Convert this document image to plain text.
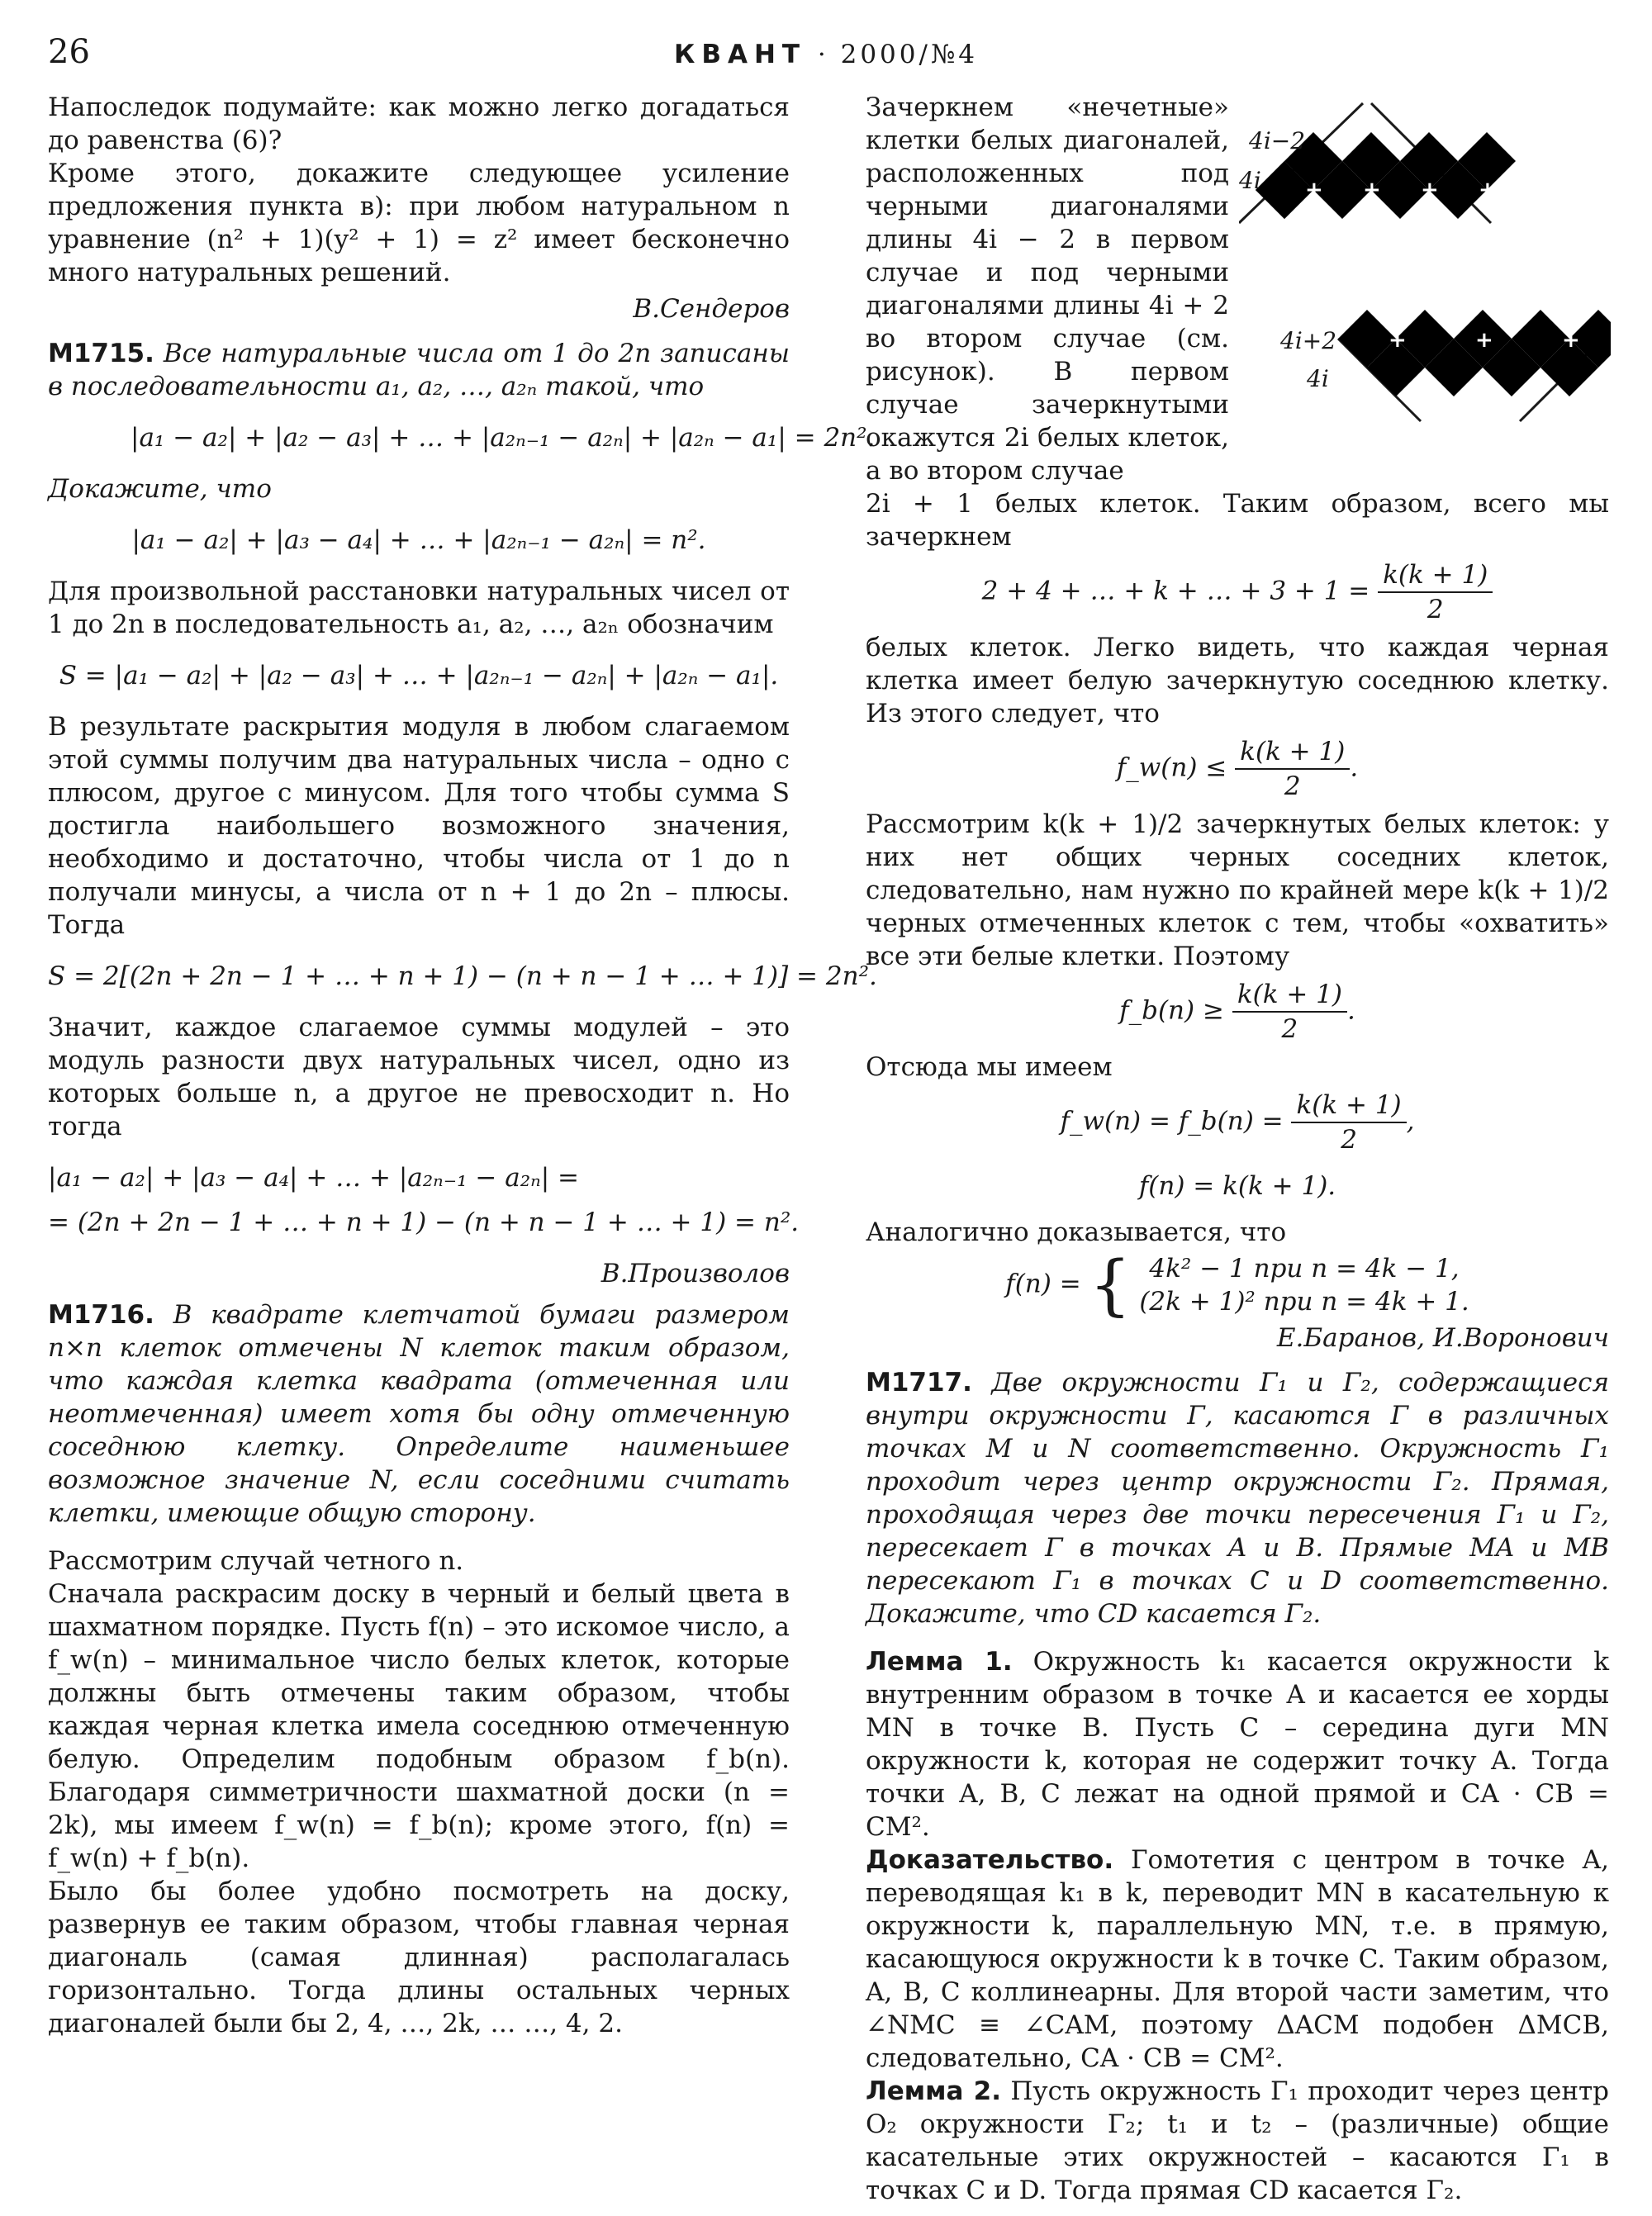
26	КВАНТ · 2000/№4

Напоследок подумайте: как можно легко догадаться до равенства (6)?

Кроме этого, докажите следующее усиление предложения пункта в): при любом натуральном n уравнение (n² + 1)(y² + 1) = z² имеет бесконечно много натуральных решений.

В.Сендеров

М1715. Все натуральные числа от 1 до 2n записаны в последовательности a₁, a₂, …, a₂ₙ такой, что

|a₁ − a₂| + |a₂ − a₃| + … + |a₂ₙ₋₁ − a₂ₙ| + |a₂ₙ − a₁| = 2n².

Докажите, что

|a₁ − a₂| + |a₃ − a₄| + … + |a₂ₙ₋₁ − a₂ₙ| = n².

Для произвольной расстановки натуральных чисел от 1 до 2n в последовательность a₁, a₂, …, a₂ₙ обозначим

S = |a₁ − a₂| + |a₂ − a₃| + … + |a₂ₙ₋₁ − a₂ₙ| + |a₂ₙ − a₁|.

В результате раскрытия модуля в любом слагаемом этой суммы получим два натуральных числа – одно с плюсом, другое с минусом. Для того чтобы сумма S достигла наибольшего возможного значения, необходимо и достаточно, чтобы числа от 1 до n получали минусы, а числа от n + 1 до 2n – плюсы. Тогда

S = 2[(2n + 2n − 1 + … + n + 1) − (n + n − 1 + … + 1)] = 2n².

Значит, каждое слагаемое суммы модулей – это модуль разности двух натуральных чисел, одно из которых больше n, а другое не превосходит n. Но тогда

|a₁ − a₂| + |a₃ − a₄| + … + |a₂ₙ₋₁ − a₂ₙ| =
= (2n + 2n − 1 + … + n + 1) − (n + n − 1 + … + 1) = n².
В.Произволов

М1716. В квадрате клетчатой бумаги размером n×n клеток отмечены N клеток таким образом, что каждая клетка квадрата (отмеченная или неотмеченная) имеет хотя бы одну отмеченную соседнюю клетку. Определите наименьшее возможное значение N, если соседними считать клетки, имеющие общую сторону.

Рассмотрим случай четного n.

Сначала раскрасим доску в черный и белый цвета в шахматном порядке. Пусть f(n) – это искомое число, а f_w(n) – минимальное число белых клеток, которые должны быть отмечены таким образом, чтобы каждая черная клетка имела соседнюю отмеченную белую. Определим подобным образом f_b(n). Благодаря симметричности шахматной доски (n = 2k), мы имеем f_w(n) = f_b(n); кроме этого, f(n) = f_w(n) + f_b(n).

Было бы более удобно посмотреть на доску, развернув ее таким образом, чтобы главная черная диагональ (самая длинная) располагалась горизонтально. Тогда длины остальных черных диагоналей были бы 2, 4, …, 2k, … …, 4, 2.

Зачеркнем «нечетные» клетки белых диагоналей, расположенных под черными диагоналями длины 4i − 2 в первом случае и под черными диагоналями длины 4i + 2 во втором случае (см. рисунок). В первом случае зачеркнутыми окажутся 2i белых клеток, а во втором случае

2i + 1 белых клеток. Таким образом, всего мы зачеркнем

2 + 4 + … + k + … + $3 + 1 = \frac{k(k + 1)}{2}$

белых клеток. Легко видеть, что каждая черная клетка имеет белую зачеркнутую соседнюю клетку. Из этого следует, что

f_w(n) ≤ $\frac{k(k + 1)}{2}$ .

Рассмотрим k(k + 1)/2 зачеркнутых белых клеток: у них нет общих черных соседних клеток, следовательно, нам нужно по крайней мере k(k + 1)/2 черных отмеченных клеток с тем, чтобы «охватить» все эти белые клетки. Поэтому

f_b(n) ≥ $\frac{k(k + 1)}{2}$ .

Отсюда мы имеем

f_w(n) = f_b(n) = $\frac{k(k + 1)}{2}$ ,
f(n) = k(k + 1).

Аналогично доказывается, что

f(n) = { 4k² − 1 при n = 4k − 1,
(2k + 1)² при n = 4k + 1.
Е.Баранов, И.Воронович

М1717. Две окружности Γ₁ и Γ₂, содержащиеся внутри окружности Γ, касаются Γ в различных точках M и N соответственно. Окружность Γ₁ проходит через центр окружности Γ₂. Прямая, проходящая через две точки пересечения Γ₁ и Γ₂, пересекает Γ в точках A и B. Прямые MA и MB пересекают Γ₁ в точках C и D соответственно. Докажите, что CD касается Γ₂.

Лемма 1. Окружность k₁ касается окружности k внутренним образом в точке A и касается ее хорды MN в точке B. Пусть C – середина дуги MN окружности k, которая не содержит точку A. Тогда точки A, B, C лежат на одной прямой и CA · CB = CM².

Доказательство. Гомотетия с центром в точке A, переводящая k₁ в k, переводит MN в касательную к окружности k, параллельную MN, т.е. в прямую, касающуюся окружности k в точке C. Таким образом, A, B, C коллинеарны. Для второй части заметим, что ∠NMC ≡ ∠CAM, поэтому ΔACM подобен ΔMCB, следовательно, CA · CB = CM².

Лемма 2. Пусть окружность Γ₁ проходит через центр O₂ окружности Γ₂; t₁ и t₂ – (различные) общие касательные этих окружностей – касаются Γ₁ в точках C и D. Тогда прямая CD касается Γ₂.

4i−2
4i + + + +
4i+2
4i
+	+	+
